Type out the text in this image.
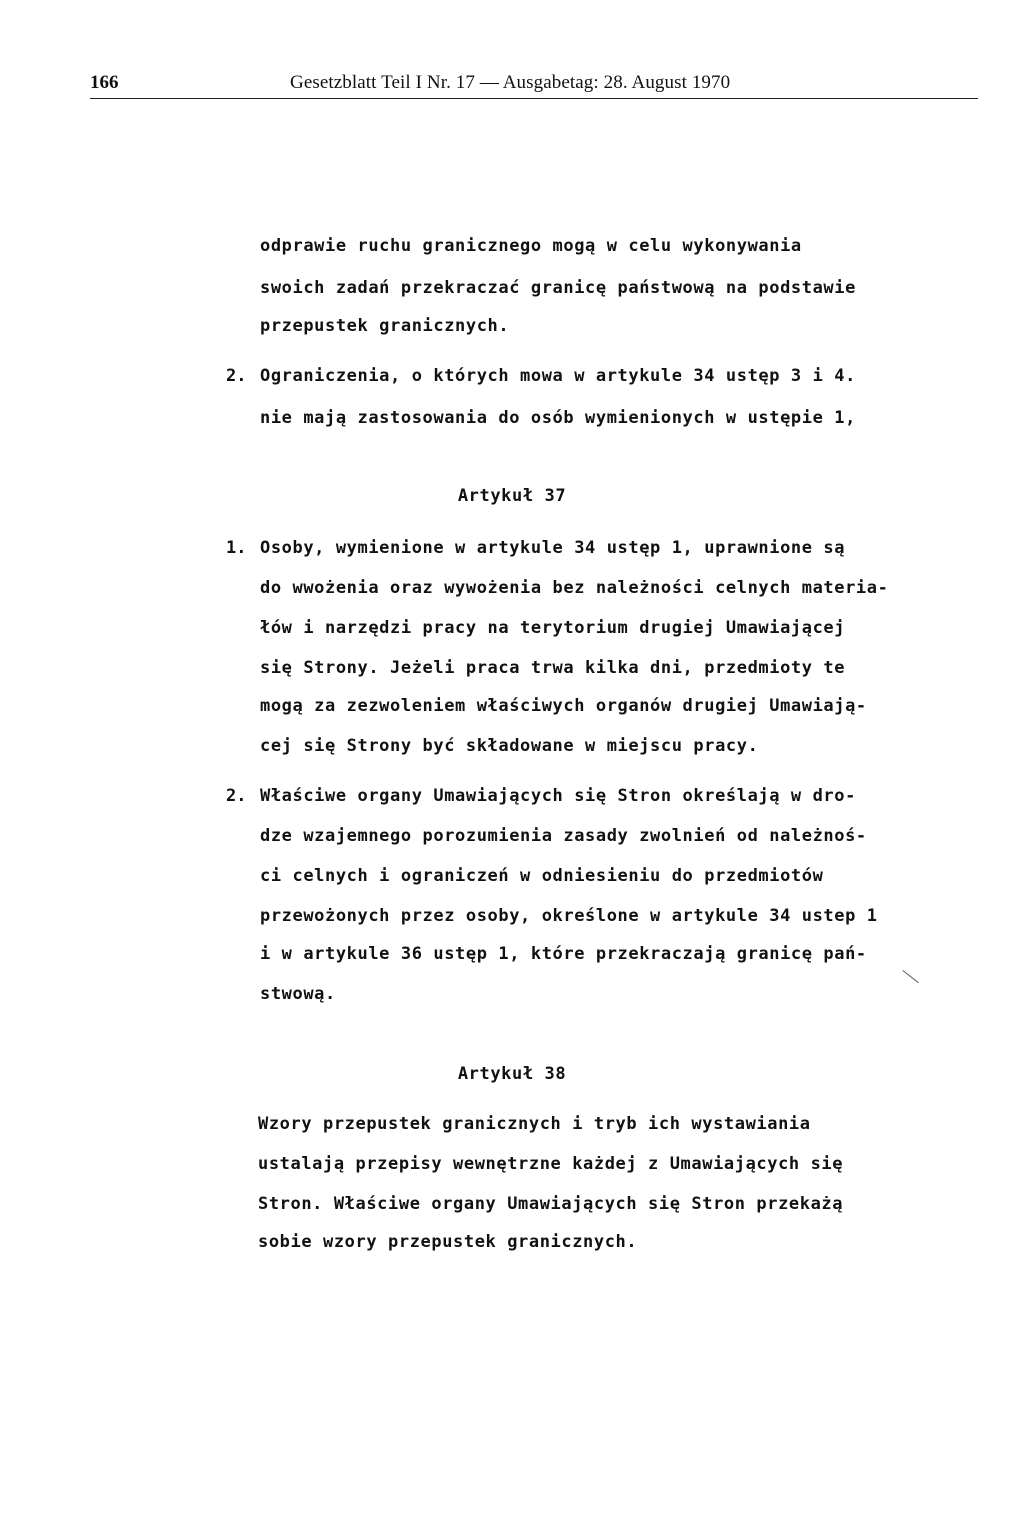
166	Gesetzblatt Teil I Nr. 17 — Ausgabetag: 28. August 1970
odprawie ruchu granicznego mogą w celu wykonywania
swoich zadań przekraczać granicę państwową na podstawie
przepustek granicznych.
2. Ograniczenia, o których mowa w artykule 34 ustęp 3 i 4.
nie mają zastosowania do osób wymienionych w ustępie 1,
Artykuł 37
1. Osoby, wymienione w artykule 34 ustęp 1, uprawnione są
do wwożenia oraz wywożenia bez należności celnych materia-
łów i narzędzi pracy na terytorium drugiej Umawiającej
się Strony. Jeżeli praca trwa kilka dni, przedmioty te
mogą za zezwoleniem właściwych organów drugiej Umawiają-
cej się Strony być składowane w miejscu pracy.
2. Właściwe organy Umawiających się Stron określają w dro-
dze wzajemnego porozumienia zasady zwolnień od należnoś-
ci celnych i ograniczeń w odniesieniu do przedmiotów
przewożonych przez osoby, określone w artykule 34 ustep 1
i w artykule 36 ustęp 1, które przekraczają granicę pań-
stwową.
Artykuł 38
Wzory przepustek granicznych i tryb ich wystawiania
ustalają przepisy wewnętrzne każdej z Umawiających się
Stron. Właściwe organy Umawiających się Stron przekażą
sobie wzory przepustek granicznych.
